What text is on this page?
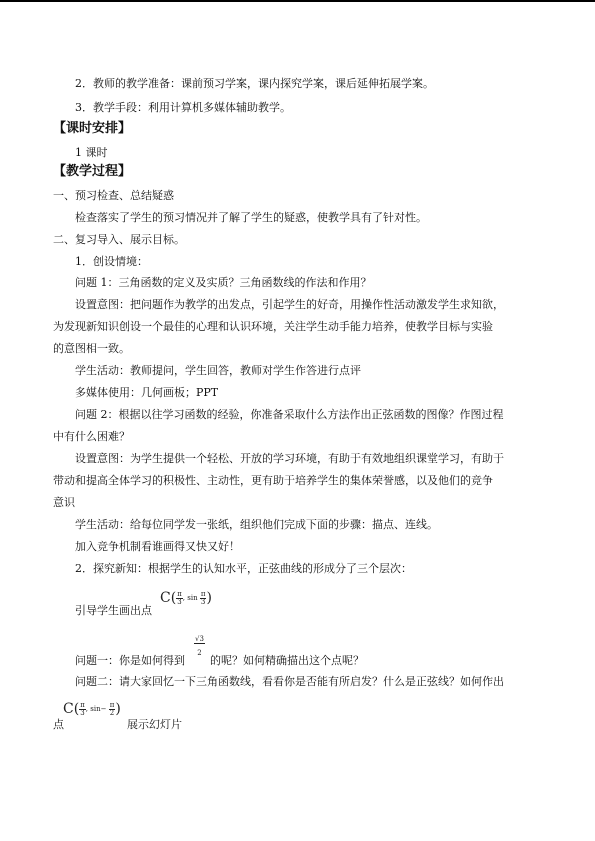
2．教师的教学准备：课前预习学案，课内探究学案，课后延伸拓展学案。
3．教学手段：利用计算机多媒体辅助教学。
【课时安排】
1 课时
【教学过程】
一、预习检查、总结疑惑
检查落实了学生的预习情况并了解了学生的疑惑，使教学具有了针对性。
二、复习导入、展示目标。
1．创设情境：
问题 1：三角函数的定义及实质？三角函数线的作法和作用？
设置意图：把问题作为教学的出发点，引起学生的好奇，用操作性活动激发学生求知欲，
为发现新知识创设一个最佳的心理和认识环境，关注学生动手能力培养，使教学目标与实验
的意图相一致。
学生活动：教师提问，学生回答，教师对学生作答进行点评
多媒体使用：几何画板；PPT
问题 2：根据以往学习函数的经验，你准备采取什么方法作出正弦函数的图像？作图过程
中有什么困难？
设置意图：为学生提供一个轻松、开放的学习环境，有助于有效地组织课堂学习，有助于
带动和提高全体学习的积极性、主动性，更有助于培养学生的集体荣誉感，以及他们的竞争
意识
学生活动：给每位同学发一张纸，组织他们完成下面的步骤：描点、连线。
加入竞争机制看谁画得又快又好！
2．探究新知：根据学生的认知水平，正弦曲线的形成分了三个层次：
引导学生画出点
$C( \frac{\pi}{3}$ , $\sin \frac{\pi}{3}$ )
问题一：你是如何得到
$\frac{√3}{2}$
的呢？如何精确描出这个点呢？
问题二：请大家回忆一下三角函数线，看看你是否能有所启发？什么是正弦线？如何作出
点
$C( \frac{\pi}{3}$ , $\sin- \frac{\pi}{2}$ )
展示幻灯片
